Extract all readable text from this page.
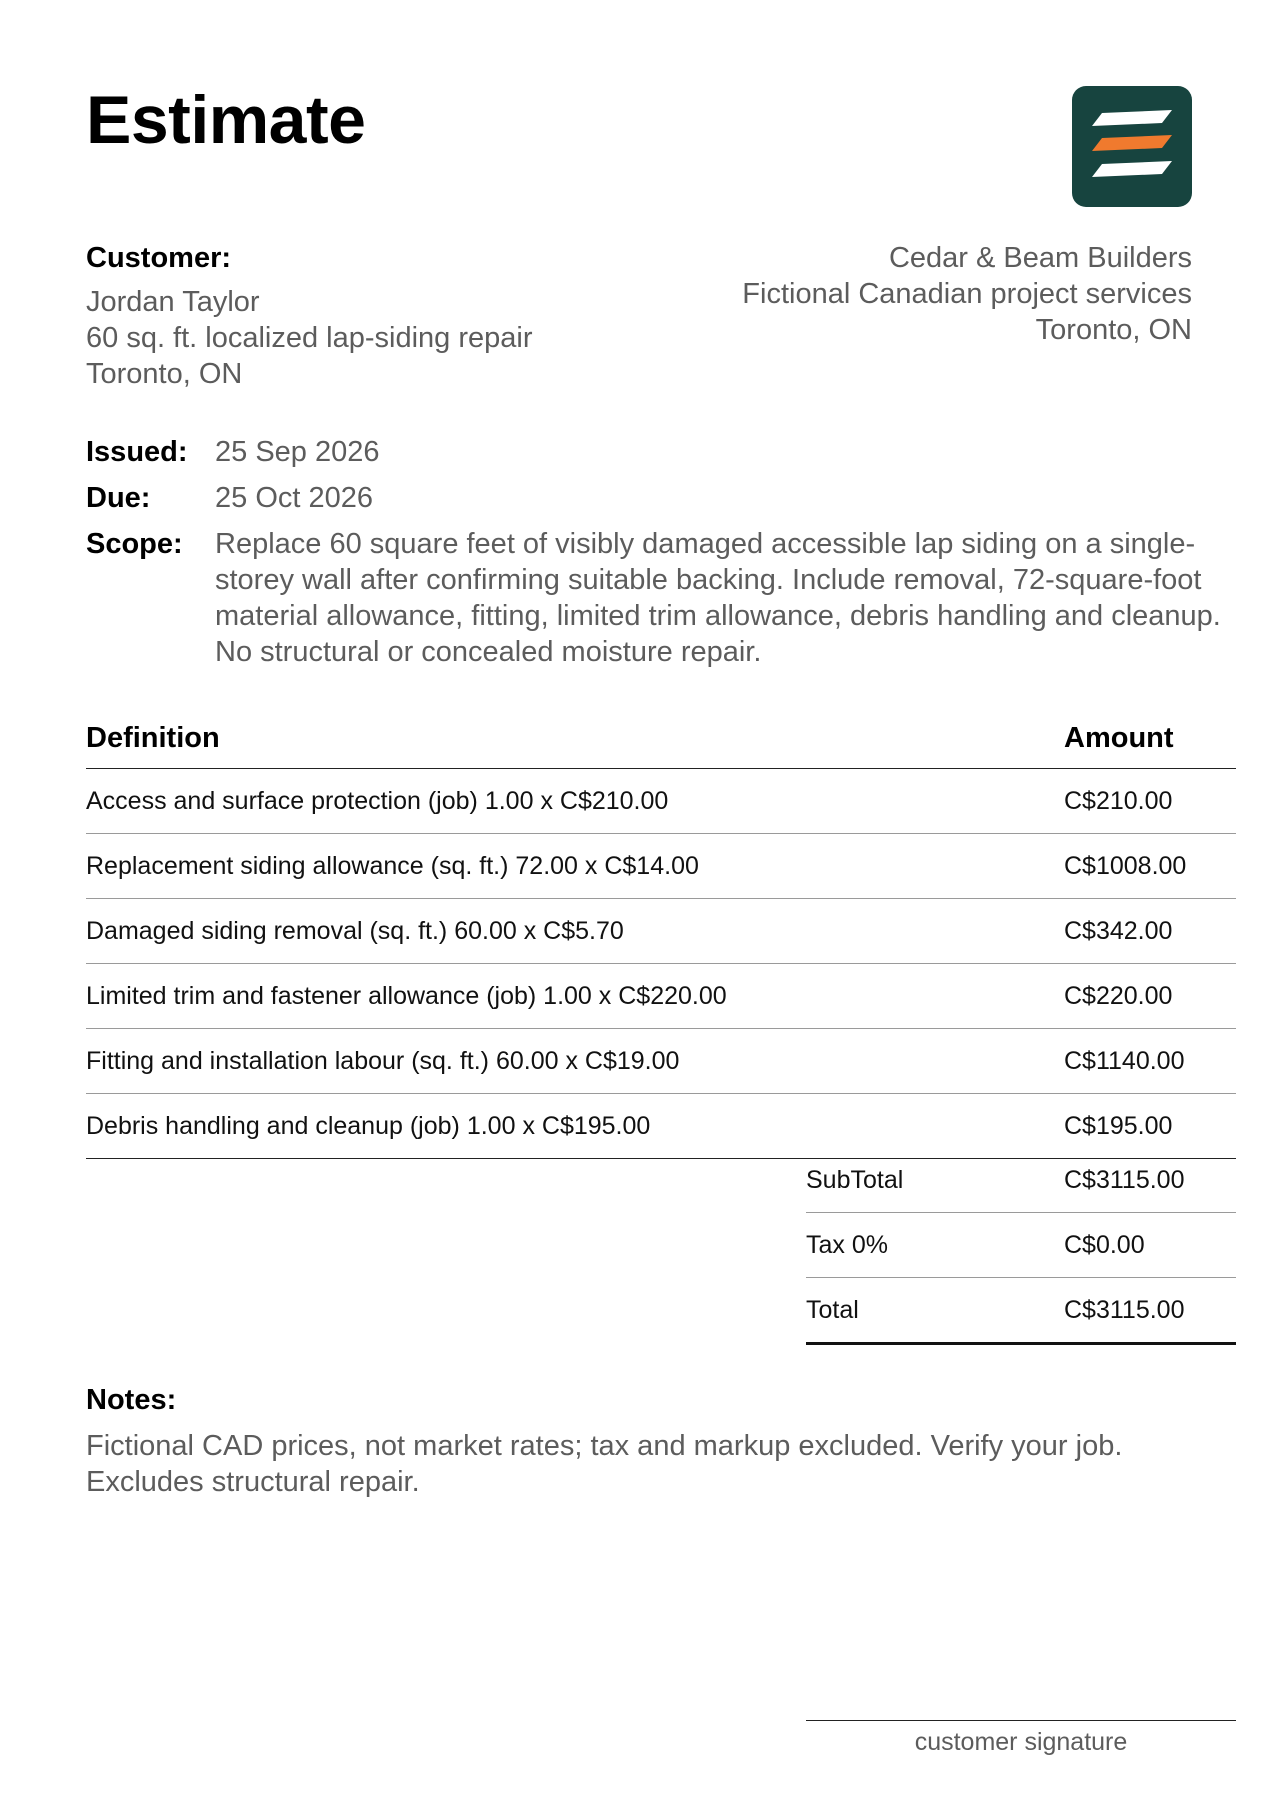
Estimate
Customer:
Jordan Taylor
60 sq. ft. localized lap-siding repair
Toronto, ON
Cedar & Beam Builders
Fictional Canadian project services
Toronto, ON
Issued: 25 Sep 2026
Due:	25 Oct 2026
Scope:	Replace 60 square feet of visibly damaged accessible lap siding on a single-storey wall after confirming suitable backing. Include removal, 72-square-foot material allowance, fitting, limited trim allowance, debris handling and cleanup. No structural or concealed moisture repair.
Definition	Amount
Access and surface protection (job) 1.00 x C$210.00	C$210.00
Replacement siding allowance (sq. ft.) 72.00 x C$14.00	C$1008.00
Damaged siding removal (sq. ft.) 60.00 x C$5.70	C$342.00
Limited trim and fastener allowance (job) 1.00 x C$220.00	C$220.00
Fitting and installation labour (sq. ft.) 60.00 x C$19.00	C$1140.00
Debris handling and cleanup (job) 1.00 x C$195.00	C$195.00
SubTotal	C$3115.00
Tax 0%	C$0.00
Total	C$3115.00
Notes:
Fictional CAD prices, not market rates; tax and markup excluded. Verify your job. Excludes structural repair.
customer signature
